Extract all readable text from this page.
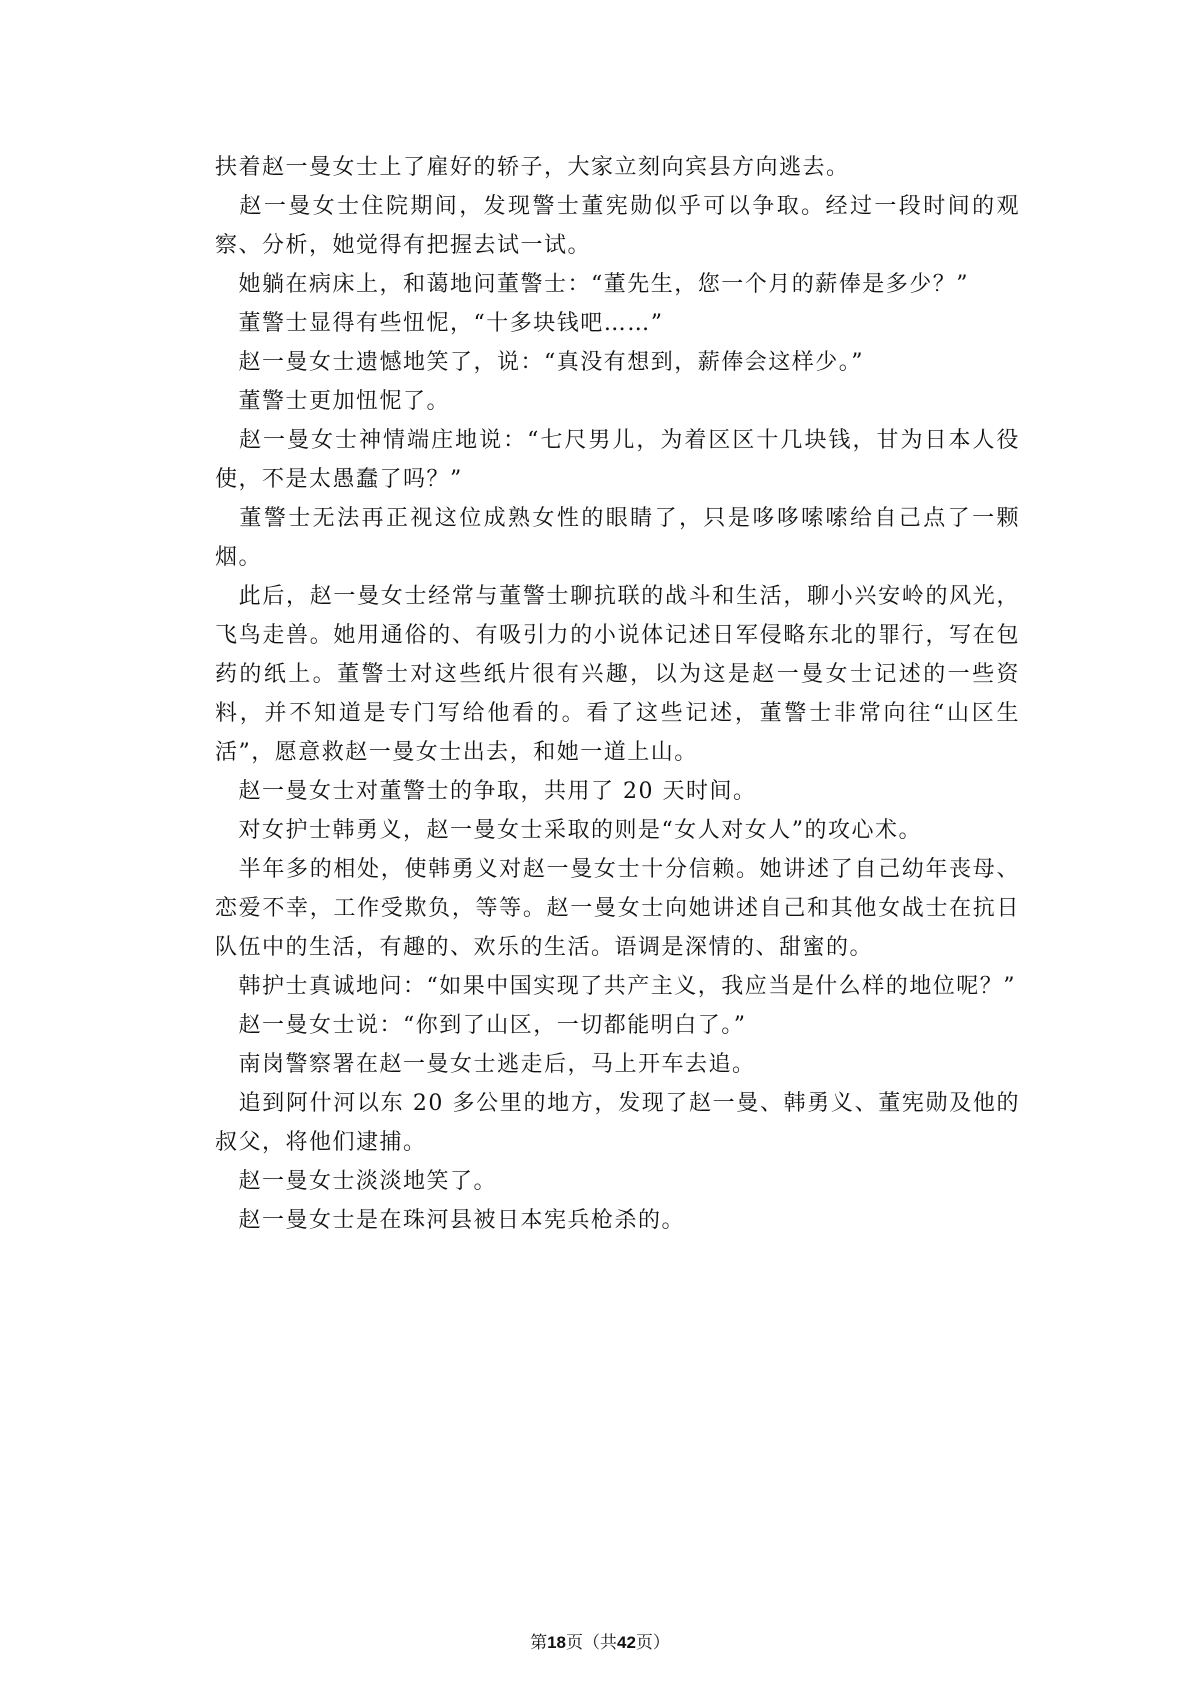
扶着赵一曼女士上了雇好的轿子，大家立刻向宾县方向逃去。

　赵一曼女士住院期间，发现警士董宪勋似乎可以争取。经过一段时间的观察、分析，她觉得有把握去试一试。

　她躺在病床上，和蔼地问董警士：“董先生，您一个月的薪俸是多少？”

　董警士显得有些忸怩，“十多块钱吧……”

　赵一曼女士遗憾地笑了，说：“真没有想到，薪俸会这样少。”

　董警士更加忸怩了。

　赵一曼女士神情端庄地说：“七尺男儿，为着区区十几块钱，甘为日本人役使，不是太愚蠢了吗？”

　董警士无法再正视这位成熟女性的眼睛了，只是哆哆嗦嗦给自己点了一颗烟。

　此后，赵一曼女士经常与董警士聊抗联的战斗和生活，聊小兴安岭的风光，飞鸟走兽。她用通俗的、有吸引力的小说体记述日军侵略东北的罪行，写在包药的纸上。董警士对这些纸片很有兴趣，以为这是赵一曼女士记述的一些资料，并不知道是专门写给他看的。看了这些记述，董警士非常向往“山区生活”，愿意救赵一曼女士出去，和她一道上山。

　赵一曼女士对董警士的争取，共用了 20 天时间。

　对女护士韩勇义，赵一曼女士采取的则是“女人对女人”的攻心术。

　半年多的相处，使韩勇义对赵一曼女士十分信赖。她讲述了自己幼年丧母、恋爱不幸，工作受欺负，等等。赵一曼女士向她讲述自己和其他女战士在抗日队伍中的生活，有趣的、欢乐的生活。语调是深情的、甜蜜的。

　韩护士真诚地问：“如果中国实现了共产主义，我应当是什么样的地位呢？”

　赵一曼女士说：“你到了山区，一切都能明白了。”

　南岗警察署在赵一曼女士逃走后，马上开车去追。

　追到阿什河以东 20 多公里的地方，发现了赵一曼、韩勇义、董宪勋及他的叔父，将他们逮捕。

　赵一曼女士淡淡地笑了。

　赵一曼女士是在珠河县被日本宪兵枪杀的。

第18页（共42页）
